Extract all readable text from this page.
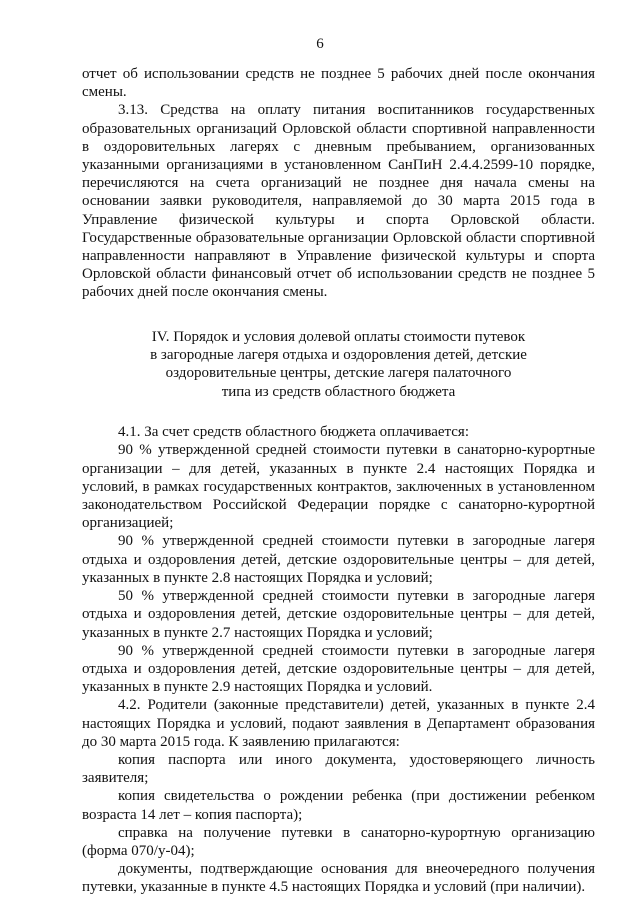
6

отчет об использовании средств не позднее 5 рабочих дней после окончания смены.

3.13. Средства на оплату питания воспитанников государственных образовательных организаций Орловской области спортивной направленности в оздоровительных лагерях с дневным пребыванием, организованных указанными организациями в установленном СанПиН 2.4.4.2599-10 порядке, перечисляются на счета организаций не позднее дня начала смены на основании заявки руководителя, направляемой до 30 марта 2015 года в Управление физической культуры и спорта Орловской области. Государственные образовательные организации Орловской области спортивной направленности направляют в Управление физической культуры и спорта Орловской области финансовый отчет об использовании средств не позднее 5 рабочих дней после окончания смены.

IV. Порядок и условия долевой оплаты стоимости путевок
в загородные лагеря отдыха и оздоровления детей, детские
оздоровительные центры, детские лагеря палаточного
типа из средств областного бюджета

4.1. За счет средств областного бюджета оплачивается:

90 % утвержденной средней стоимости путевки в санаторно-курортные организации – для детей, указанных в пункте 2.4 настоящих Порядка и условий, в рамках государственных контрактов, заключенных в установленном законодательством Российской Федерации порядке с санаторно-курортной организацией;

90 % утвержденной средней стоимости путевки в загородные лагеря отдыха и оздоровления детей, детские оздоровительные центры – для детей, указанных в пункте 2.8 настоящих Порядка и условий;

50 % утвержденной средней стоимости путевки в загородные лагеря отдыха и оздоровления детей, детские оздоровительные центры – для детей, указанных в пункте 2.7 настоящих Порядка и условий;

90 % утвержденной средней стоимости путевки в загородные лагеря отдыха и оздоровления детей, детские оздоровительные центры – для детей, указанных в пункте 2.9 настоящих Порядка и условий.

4.2. Родители (законные представители) детей, указанных в пункте 2.4 настоящих Порядка и условий, подают заявления в Департамент образования до 30 марта 2015 года. К заявлению прилагаются:

копия паспорта или иного документа, удостоверяющего личность заявителя;

копия свидетельства о рождении ребенка (при достижении ребенком возраста 14 лет – копия паспорта);

справка на получение путевки в санаторно-курортную организацию (форма 070/у-04);

документы, подтверждающие основания для внеочередного получения путевки, указанные в пункте 4.5 настоящих Порядка и условий (при наличии).
